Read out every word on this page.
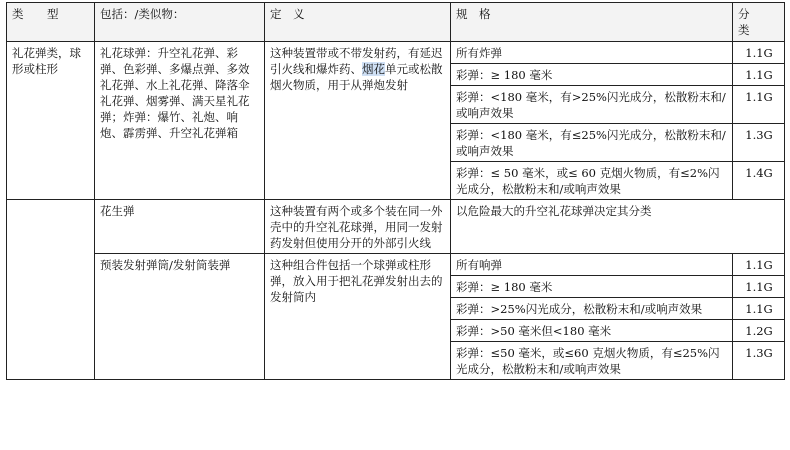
类　型	包括：/类似物：	定　义	规　格	分　类
礼花弹类，球形或柱形	礼花球弹：升空礼花弹、彩弹、色彩弹、多爆点弹、多效礼花弹、水上礼花弹、降落伞礼花弹、烟雾弹、满天星礼花弹；炸弹：爆竹、礼炮、响炮、霹雳弹、升空礼花弹箱	这种装置带或不带发射药，有延迟引火线和爆炸药、烟花单元或松散烟火物质，用于从弹炮发射	所有炸弹	1.1G
			彩弹：≥ 180 毫米	1.1G
			彩弹：<180 毫米，有>25%闪光成分，松散粉末和/或响声效果	1.1G
			彩弹：<180 毫米，有≤25%闪光成分，松散粉末和/或响声效果	1.3G
			彩弹：≤ 50 毫米，或≤ 60 克烟火物质，有≤2%闪光成分，松散粉末和/或响声效果	1.4G
	花生弹	这种装置有两个或多个装在同一外壳中的升空礼花球弹，用同一发射药发射但使用分开的外部引火线	以危险最大的升空礼花球弹决定其分类	
	预装发射弹筒/发射筒装弹	这种组合件包括一个球弹或柱形弹，放入用于把礼花弹发射出去的发射筒内	所有响弹	1.1G
			彩弹：≥ 180 毫米	1.1G
			彩弹：>25%闪光成分，松散粉末和/或响声效果	1.1G
			彩弹：>50 毫米但<180 毫米	1.2G
			彩弹：≤50 毫米，或≤60 克烟火物质，有≤25%闪光成分，松散粉末和/或响声效果	1.3G
